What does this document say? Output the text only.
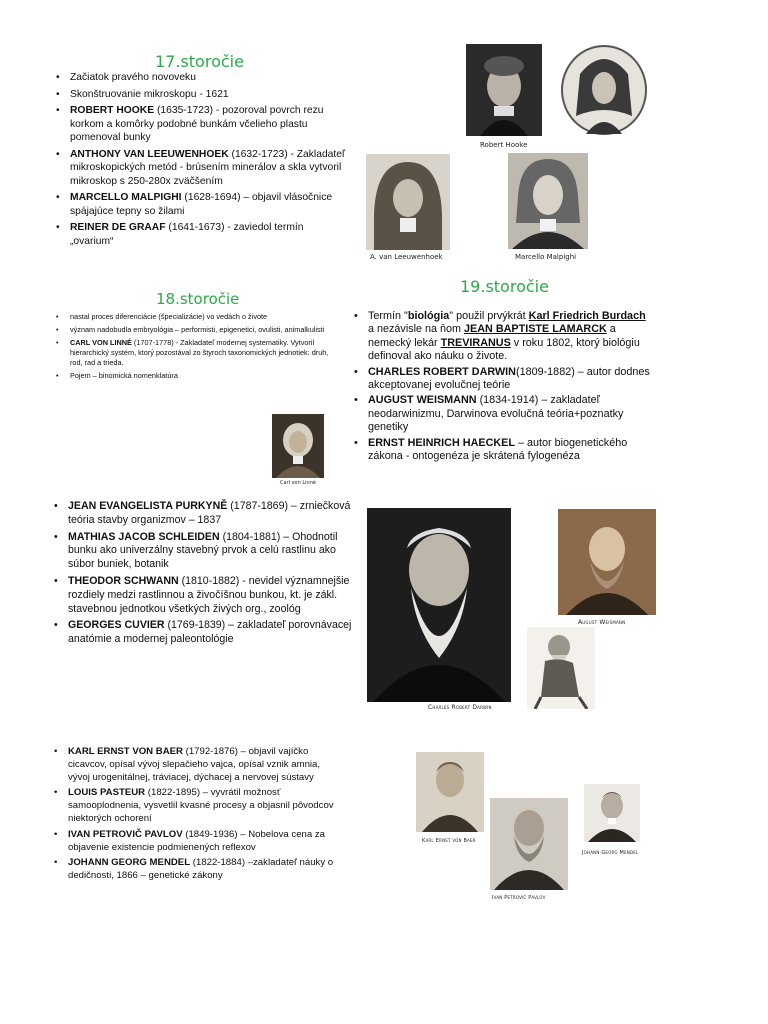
17.storočie
• Začiatok pravého novoveku
• Skonštruovanie mikroskopu - 1621
• ROBERT HOOKE (1635-1723) - pozoroval povrch rezu korkom a komôrky podobné bunkám včelieho plastu pomenoval bunky
• ANTHONY VAN LEEUWENHOEK (1632-1723) - Zakladateľ mikroskopických metód - brúsením minerálov a skla vytvoril mikroskop s 250-280x zväčšením
• MARCELLO MALPIGHI (1628-1694) – objavil vlásočnice spájajúce tepny so žilami
• REINER DE GRAAF (1641-1673) - zaviedol termín „ovarium“
Robert Hooke
A. van Leeuwenhoek	Marcello Malpighi
18.storočie
• nastal proces diferenciácie (špecializácie) vo vedách o živote
• význam nadobudla embryológia – performisti, epigenetici, ovulisti, animalkulisti
• CARL VON LINNÉ (1707-1778) - Zakladateľ modernej systematiky. Vytvoril hierarchický systém, ktorý pozostával zo štyroch taxonomických jednotiek: druh, rod, rad a trieda.
• Pojem – binomická nomenklatúra
Carl von Linné
19.storočie
• Termín "biológia" použil prvýkrát Karl Friedrich Burdach a nezávisle na ňom JEAN BAPTISTE LAMARCK a nemecký lekár TREVIRANUS v roku 1802, ktorý biológiu definoval ako náuku o živote.
• CHARLES ROBERT DARWIN(1809-1882) – autor dodnes akceptovanej evolučnej teórie
• AUGUST WEISMANN (1834-1914) – zakladateľ neodarwinizmu, Darwinova evolučná teória+poznatky genetiky
• ERNST HEINRICH HAECKEL – autor biogenetického zákona - ontogenéza je skrátená fylogenéza
• JEAN EVANGELISTA PURKYNĚ (1787-1869) – zrniečková teória stavby organizmov – 1837
• MATHIAS JACOB SCHLEIDEN (1804-1881) – Ohodnotil bunku ako univerzálny stavebný prvok a celú rastlinu ako súbor buniek, botanik
• THEODOR SCHWANN (1810-1882) - nevidel významnejšie rozdiely medzi rastlinnou a živočíšnou bunkou, kt. je zákl. stavebnou jednotkou všetkých živých org., zoológ
• GEORGES CUVIER (1769-1839) – zakladateľ porovnávacej anatómie a modernej paleontológie
Charles Robert Darwin
August Weismann
• KARL ERNST VON BAER (1792-1876) – objavil vajíčko cicavcov, opísal vývoj slepačieho vajca, opísal vznik amnia, vývoj urogenitálnej, tráviacej, dýchacej a nervovej sústavy
• LOUIS PASTEUR (1822-1895) – vyvrátil možnosť samooplodnenia, vysvetlil kvasné procesy a objasnil pôvodcov niektorých ochorení
• IVAN PETROVIČ PAVLOV (1849-1936) – Nobelova cena za objavenie existencie podmienených reflexov
• JOHANN GEORG MENDEL (1822-1884) –zakladateľ náuky o dedičnosti, 1866 – genetické zákony
Karl Ernst von Baer
Ivan Petrović Pavlov
Johann Georg Mendel
